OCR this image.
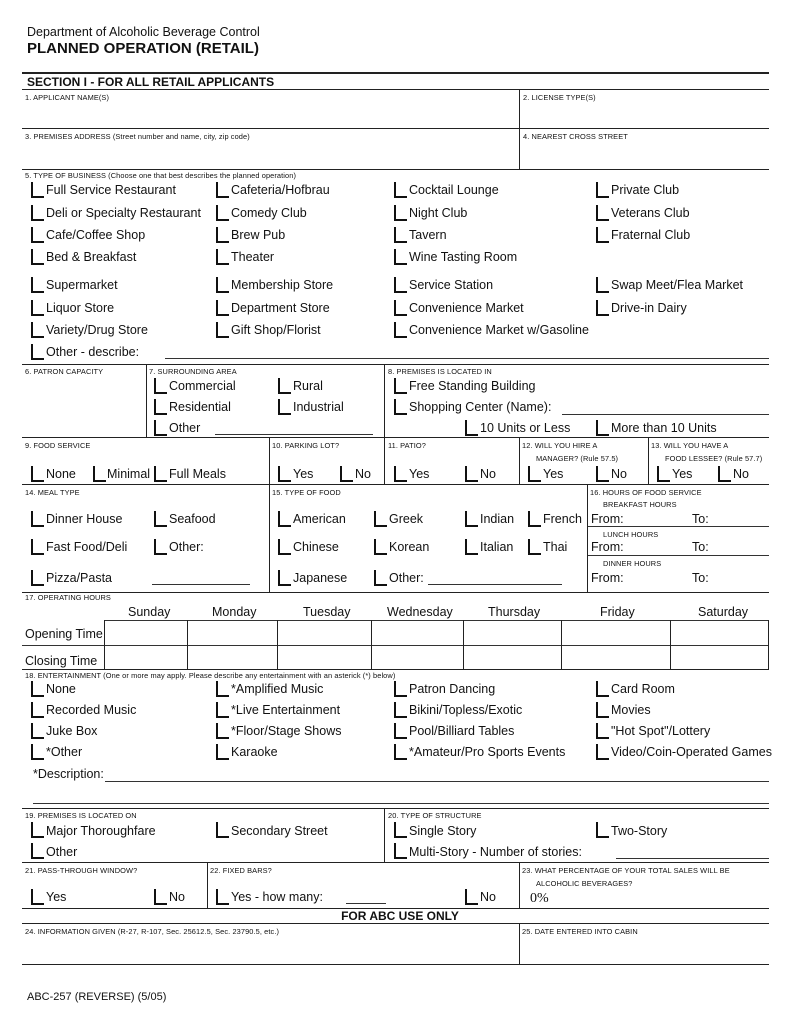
Department of Alcoholic Beverage Control
PLANNED OPERATION (RETAIL)
SECTION I - FOR ALL RETAIL APPLICANTS
1. APPLICANT NAME(S)	2. LICENSE TYPE(S)
3. PREMISES ADDRESS (Street number and name, city, zip code)	4. NEAREST CROSS STREET
5. TYPE OF BUSINESS (Choose one that best describes the planned operation)
Full Service Restaurant
Deli or Specialty Restaurant
Cafe/Coffee Shop
Bed & Breakfast
Supermarket
Liquor Store
Variety/Drug Store
Other - describe:
Cafeteria/Hofbrau
Comedy Club
Brew Pub
Theater
Membership Store
Department Store
Gift Shop/Florist
Cocktail Lounge
Night Club
Tavern
Wine Tasting Room
Service Station
Convenience Market
Convenience Market w/Gasoline
Private Club
Veterans Club
Fraternal Club
Swap Meet/Flea Market
Drive-in Dairy
6. PATRON CAPACITY	7. SURROUNDING AREA	8. PREMISES IS LOCATED IN
Commercial
Residential
Other
Rural
Industrial
Free Standing Building
Shopping Center (Name):
10 Units or Less	More than 10 Units
9. FOOD SERVICE	10. PARKING LOT?	11. PATIO?	12. WILL YOU HIRE A
MANAGER? (Rule 57.5)
13. WILL YOU HAVE A
FOOD LESSEE? (Rule 57.7)
None Minimal Full Meals	Yes	No	Yes	No	Yes	No	Yes	No
14. MEAL TYPE	15. TYPE OF FOOD	16. HOURS OF FOOD SERVICE
Dinner House
Fast Food/Deli
Pizza/Pasta
Seafood
Other:
American
Chinese
Japanese
Greek
Korean
Other:
Indian
Italian
French
Thai
BREAKFAST HOURS
From:	To:
LUNCH HOURS
From:	To:
DINNER HOURS
From:	To:
17. OPERATING HOURS
Sunday	Monday	Tuesday	Wednesday	Thursday	Friday	Saturday
Opening Time
Closing Time
18. ENTERTAINMENT (One or more may apply. Please describe any entertainment with an asterick (*) below)
None
Recorded Music
Juke Box
*Other
*Amplified Music
*Live Entertainment
*Floor/Stage Shows
Karaoke
Patron Dancing
Bikini/Topless/Exotic
Pool/Billiard Tables
*Amateur/Pro Sports Events
Card Room
Movies
"Hot Spot"/Lottery
Video/Coin-Operated Games
*Description:
19. PREMISES IS LOCATED ON	20. TYPE OF STRUCTURE
Major Thoroughfare	Secondary Street
Other
Single Story	Two-Story
Multi-Story - Number of stories:
21. PASS-THROUGH WINDOW?	22. FIXED BARS?	23. WHAT PERCENTAGE OF YOUR TOTAL SALES WILL BE
ALCOHOLIC BEVERAGES?
Yes	No	Yes - how many:	No 0%
FOR ABC USE ONLY
24. INFORMATION GIVEN (R-27, R-107, Sec. 25612.5, Sec. 23790.5, etc.)	25. DATE ENTERED INTO CABIN
ABC-257 (REVERSE) (5/05)
